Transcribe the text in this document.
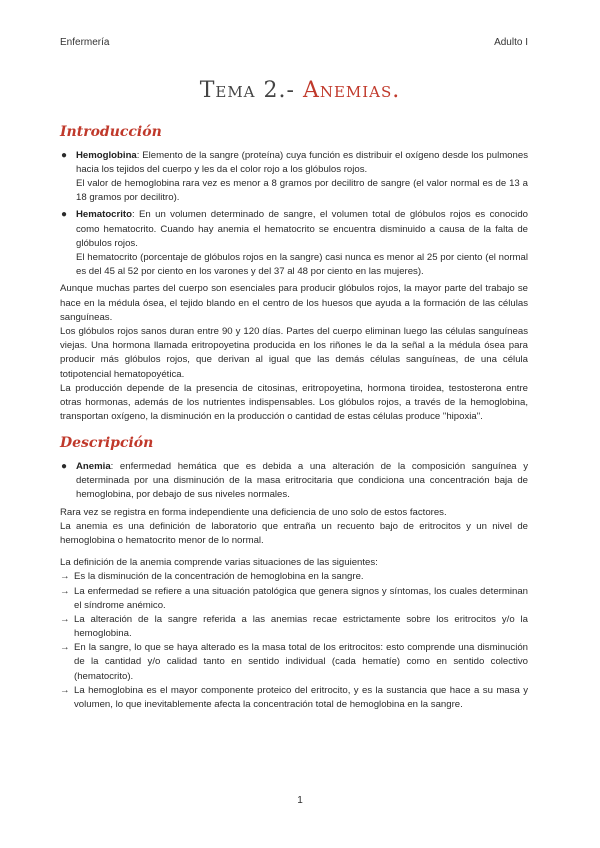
Enfermería	Adulto I
Tema 2.- Anemias.
Introducción
● Hemoglobina: Elemento de la sangre (proteína) cuya función es distribuir el oxígeno desde los pulmones hacia los tejidos del cuerpo y les da el color rojo a los glóbulos rojos.

El valor de hemoglobina rara vez es menor a 8 gramos por decilitro de sangre (el valor normal es de 13 a 18 gramos por decilitro).

● Hematocrito: En un volumen determinado de sangre, el volumen total de glóbulos rojos es conocido como hematocrito. Cuando hay anemia el hematocrito se encuentra disminuido a causa de la falta de glóbulos rojos.

El hematocrito (porcentaje de glóbulos rojos en la sangre) casi nunca es menor al 25 por ciento (el normal es del 45 al 52 por ciento en los varones y del 37 al 48 por ciento en las mujeres).

Aunque muchas partes del cuerpo son esenciales para producir glóbulos rojos, la mayor parte del trabajo se hace en la médula ósea, el tejido blando en el centro de los huesos que ayuda a la formación de las células sanguíneas.

Los glóbulos rojos sanos duran entre 90 y 120 días. Partes del cuerpo eliminan luego las células sanguíneas viejas. Una hormona llamada eritropoyetina producida en los riñones le da la señal a la médula ósea para producir más glóbulos rojos, que derivan al igual que las demás células sanguíneas, de una célula totipotencial hematopoyética.

La producción depende de la presencia de citosinas, eritropoyetina, hormona tiroidea, testosterona entre otras hormonas, además de los nutrientes indispensables. Los glóbulos rojos, a través de la hemoglobina, transportan oxígeno, la disminución en la producción o cantidad de estas células produce "hipoxia".

Descripción
● Anemia: enfermedad hemática que es debida a una alteración de la composición sanguínea y determinada por una disminución de la masa eritrocitaria que condiciona una concentración baja de hemoglobina, por debajo de sus niveles normales.

Rara vez se registra en forma independiente una deficiencia de uno solo de estos factores.

La anemia es una definición de laboratorio que entraña un recuento bajo de eritrocitos y un nivel de hemoglobina o hematocrito menor de lo normal.

La definición de la anemia comprende varias situaciones de las siguientes:

→ Es la disminución de la concentración de hemoglobina en la sangre.

→ La enfermedad se refiere a una situación patológica que genera signos y síntomas, los cuales determinan el síndrome anémico.

→ La alteración de la sangre referida a las anemias recae estrictamente sobre los eritrocitos y/o la hemoglobina.

→ En la sangre, lo que se haya alterado es la masa total de los eritrocitos: esto comprende una disminución de la cantidad y/o calidad tanto en sentido individual (cada hematíe) como en sentido colectivo (hematocrito).

→ La hemoglobina es el mayor componente proteico del eritrocito, y es la sustancia que hace a su masa y volumen, lo que inevitablemente afecta la concentración total de hemoglobina en la sangre.

1
